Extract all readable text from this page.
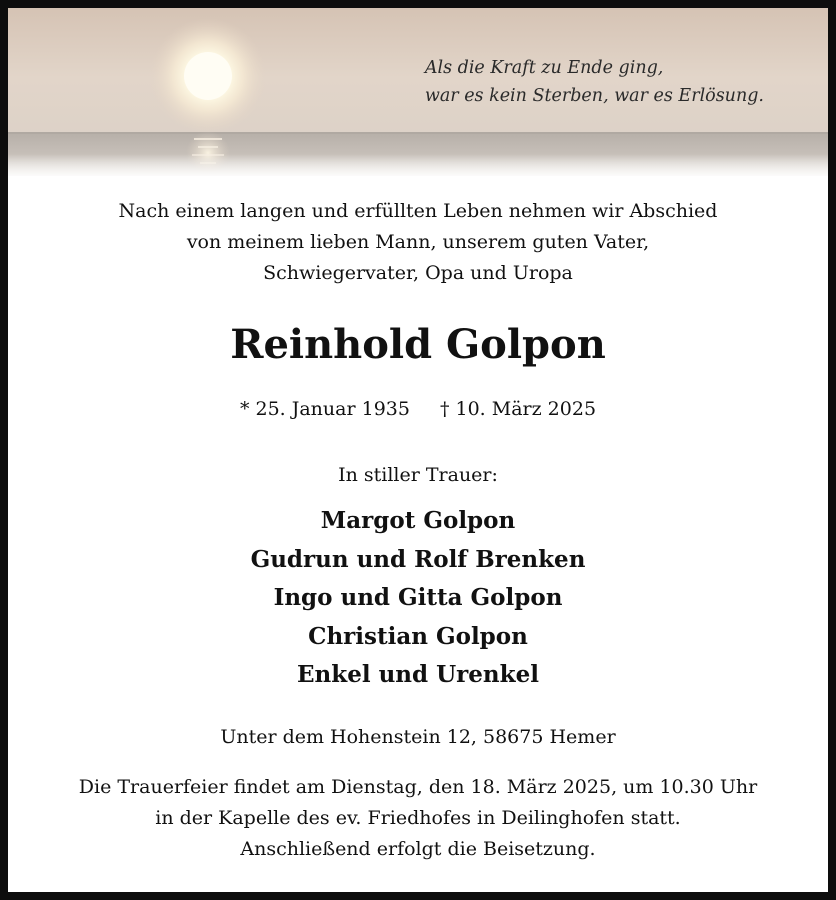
Als die Kraft zu Ende ging,
war es kein Sterben, war es Erlösung.
Nach einem langen und erfüllten Leben nehmen wir Abschied
von meinem lieben Mann, unserem guten Vater,
Schwiegervater, Opa und Uropa
Reinhold Golpon
* 25. Januar 1935 † 10. März 2025
In stiller Trauer:
Margot Golpon
Gudrun und Rolf Brenken
Ingo und Gitta Golpon
Christian Golpon
Enkel und Urenkel
Unter dem Hohenstein 12, 58675 Hemer
Die Trauerfeier findet am Dienstag, den 18. März 2025, um 10.30 Uhr
in der Kapelle des ev. Friedhofes in Deilinghofen statt.
Anschließend erfolgt die Beisetzung.
